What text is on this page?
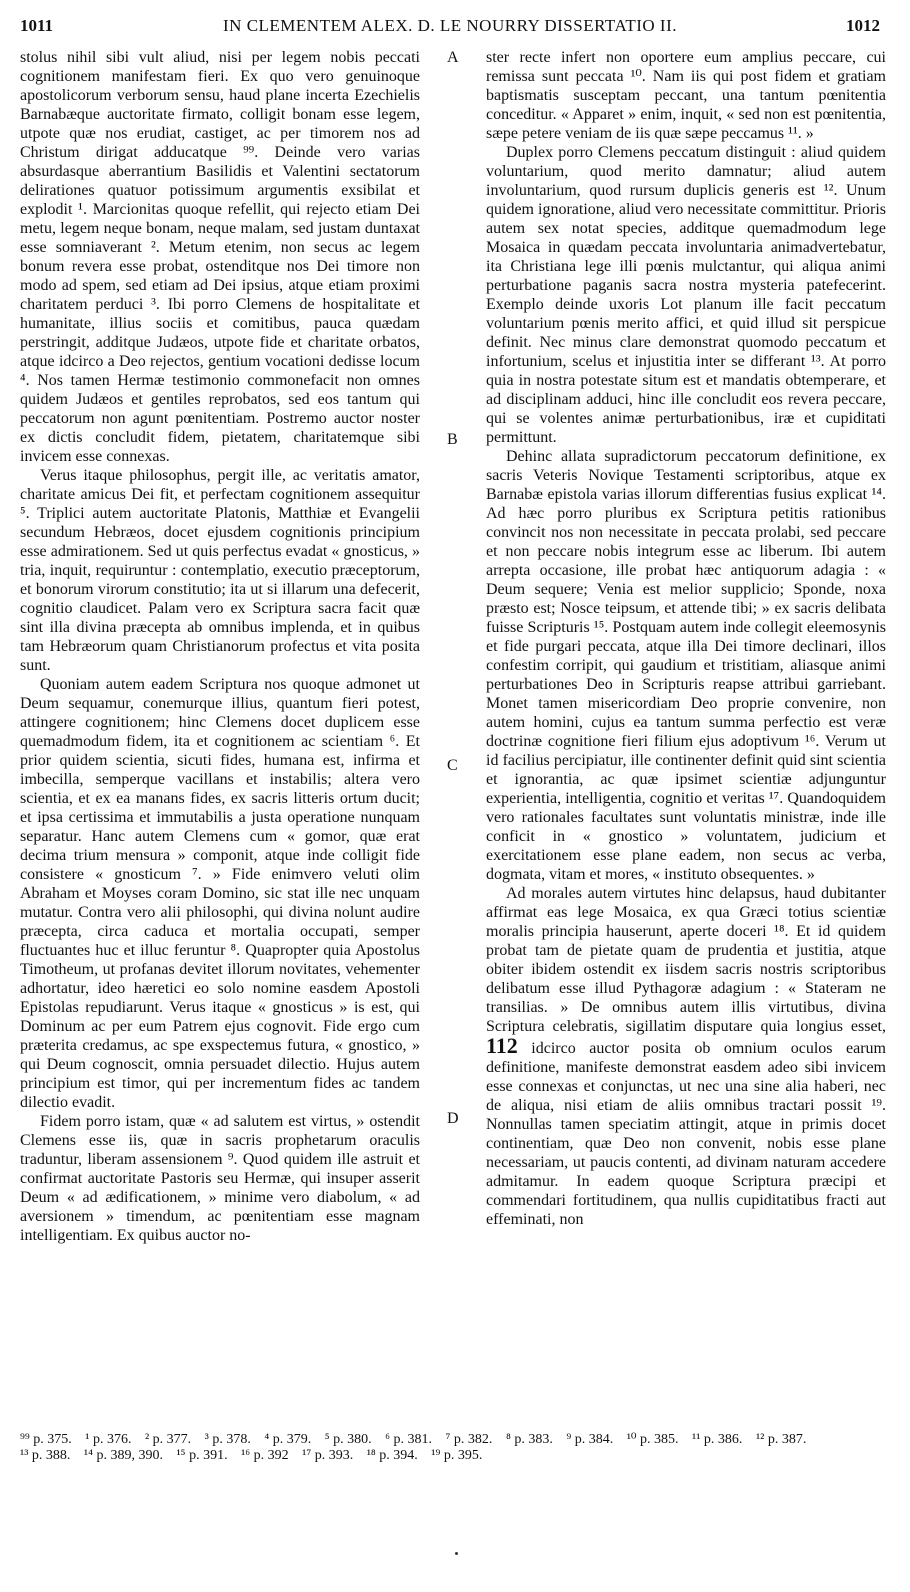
1011	IN CLEMENTEM ALEX. D. LE NOURRY DISSERTATIO II.	1012
A
B
C
D

stolus nihil sibi vult aliud, nisi per legem nobis peccati cognitionem manifestam fieri. Ex quo vero genuinoque apostolicorum verborum sensu, haud plane incerta Ezechielis Barnabæque auctoritate firmato, colligit bonam esse legem, utpote quæ nos erudiat, castiget, ac per timorem nos ad Christum dirigat adducatque ⁹⁹. Deinde vero varias absurdasque aberrantium Basilidis et Valentini sectatorum delirationes quatuor potissimum argumentis exsibilat et explodit ¹. Marcionitas quoque refellit, qui rejecto etiam Dei metu, legem neque bonam, neque malam, sed justam duntaxat esse somniaverant ². Metum etenim, non secus ac legem bonum revera esse probat, ostenditque nos Dei timore non modo ad spem, sed etiam ad Dei ipsius, atque etiam proximi charitatem perduci ³. Ibi porro Clemens de hospitalitate et humanitate, illius sociis et comitibus, pauca quædam perstringit, additque Judæos, utpote fide et charitate orbatos, atque idcirco a Deo rejectos, gentium vocationi dedisse locum ⁴. Nos tamen Hermæ testimonio commonefacit non omnes quidem Judæos et gentiles reprobatos, sed eos tantum qui peccatorum non agunt pœnitentiam. Postremo auctor noster ex dictis concludit fidem, pietatem, charitatemque sibi invicem esse connexas.

Verus itaque philosophus, pergit ille, ac veritatis amator, charitate amicus Dei fit, et perfectam cognitionem assequitur ⁵. Triplici autem auctoritate Platonis, Matthiæ et Evangelii secundum Hebræos, docet ejusdem cognitionis principium esse admirationem. Sed ut quis perfectus evadat « gnosticus, » tria, inquit, requiruntur : contemplatio, executio præceptorum, et bonorum virorum constitutio; ita ut si illarum una defecerit, cognitio claudicet. Palam vero ex Scriptura sacra facit quæ sint illa divina præcepta ab omnibus implenda, et in quibus tam Hebræorum quam Christianorum profectus et vita posita sunt.

Quoniam autem eadem Scriptura nos quoque admonet ut Deum sequamur, conemurque illius, quantum fieri potest, attingere cognitionem; hinc Clemens docet duplicem esse quemadmodum fidem, ita et cognitionem ac scientiam ⁶. Et prior quidem scientia, sicuti fides, humana est, infirma et imbecilla, semperque vacillans et instabilis; altera vero scientia, et ex ea manans fides, ex sacris litteris ortum ducit; et ipsa certissima et immutabilis a justa operatione nunquam separatur. Hanc autem Clemens cum « gomor, quæ erat decima trium mensura » componit, atque inde colligit fide consistere « gnosticum ⁷. » Fide enimvero veluti olim Abraham et Moyses coram Domino, sic stat ille nec unquam mutatur. Contra vero alii philosophi, qui divina nolunt audire præcepta, circa caduca et mortalia occupati, semper fluctuantes huc et illuc feruntur ⁸. Quapropter quia Apostolus Timotheum, ut profanas devitet illorum novitates, vehementer adhortatur, ideo hæretici eo solo nomine easdem Apostoli Epistolas repudiarunt. Verus itaque « gnosticus » is est, qui Dominum ac per eum Patrem ejus cognovit. Fide ergo cum præterita credamus, ac spe exspectemus futura, « gnostico, » qui Deum cognoscit, omnia persuadet dilectio. Hujus autem principium est timor, qui per incrementum fides ac tandem dilectio evadit.

Fidem porro istam, quæ « ad salutem est virtus, » ostendit Clemens esse iis, quæ in sacris prophetarum oraculis traduntur, liberam assensionem ⁹. Quod quidem ille astruit et confirmat auctoritate Pastoris seu Hermæ, qui insuper asserit Deum « ad ædificationem, » minime vero diabolum, « ad aversionem » timendum, ac pœnitentiam esse magnam intelligentiam. Ex quibus auctor no-

ster recte infert non oportere eum amplius peccare, cui remissa sunt peccata ¹⁰. Nam iis qui post fidem et gratiam baptismatis susceptam peccant, una tantum pœnitentia conceditur. « Apparet » enim, inquit, « sed non est pœnitentia, sæpe petere veniam de iis quæ sæpe peccamus ¹¹. »

Duplex porro Clemens peccatum distinguit : aliud quidem voluntarium, quod merito damnatur; aliud autem involuntarium, quod rursum duplicis generis est ¹². Unum quidem ignoratione, aliud vero necessitate committitur. Prioris autem sex notat species, additque quemadmodum lege Mosaica in quædam peccata involuntaria animadvertebatur, ita Christiana lege illi pœnis mulctantur, qui aliqua animi perturbatione paganis sacra nostra mysteria patefecerint. Exemplo deinde uxoris Lot planum ille facit peccatum voluntarium pœnis merito affici, et quid illud sit perspicue definit. Nec minus clare demonstrat quomodo peccatum et infortunium, scelus et injustitia inter se differant ¹³. At porro quia in nostra potestate situm est et mandatis obtemperare, et ad disciplinam adduci, hinc ille concludit eos revera peccare, qui se volentes animæ perturbationibus, iræ et cupiditati permittunt.

Dehinc allata supradictorum peccatorum definitione, ex sacris Veteris Novique Testamenti scriptoribus, atque ex Barnabæ epistola varias illorum differentias fusius explicat ¹⁴. Ad hæc porro pluribus ex Scriptura petitis rationibus convincit nos non necessitate in peccata prolabi, sed peccare et non peccare nobis integrum esse ac liberum. Ibi autem arrepta occasione, ille probat hæc antiquorum adagia : « Deum sequere; Venia est melior supplicio; Sponde, noxa præsto est; Nosce teipsum, et attende tibi; » ex sacris delibata fuisse Scripturis ¹⁵. Postquam autem inde collegit eleemosynis et fide purgari peccata, atque illa Dei timore declinari, illos confestim corripit, qui gaudium et tristitiam, aliasque animi perturbationes Deo in Scripturis reapse attribui garriebant. Monet tamen misericordiam Deo proprie convenire, non autem homini, cujus ea tantum summa perfectio est veræ doctrinæ cognitione fieri filium ejus adoptivum ¹⁶. Verum ut id facilius percipiatur, ille continenter definit quid sint scientia et ignorantia, ac quæ ipsimet scientiæ adjunguntur experientia, intelligentia, cognitio et veritas ¹⁷. Quandoquidem vero rationales facultates sunt voluntatis ministræ, inde ille conficit in « gnostico » voluntatem, judicium et exercitationem esse plane eadem, non secus ac verba, dogmata, vitam et mores, « instituto obsequentes. »

Ad morales autem virtutes hinc delapsus, haud dubitanter affirmat eas lege Mosaica, ex qua Græci totius scientiæ moralis principia hauserunt, aperte doceri ¹⁸. Et id quidem probat tam de pietate quam de prudentia et justitia, atque obiter ibidem ostendit ex iisdem sacris nostris scriptoribus delibatum esse illud Pythagoræ adagium : « Stateram ne transilias. » De omnibus autem illis virtutibus, divina Scriptura celebratis, sigillatim disputare quia longius esset, 112 idcirco auctor posita ob omnium oculos earum definitione, manifeste demonstrat easdem adeo sibi invicem esse connexas et conjunctas, ut nec una sine alia haberi, nec de aliqua, nisi etiam de aliis omnibus tractari possit ¹⁹. Nonnullas tamen speciatim attingit, atque in primis docet continentiam, quæ Deo non convenit, nobis esse plane necessariam, ut paucis contenti, ad divinam naturam accedere admitamur. In eadem quoque Scriptura præcipi et commendari fortitudinem, qua nullis cupiditatibus fracti aut effeminati, non

⁹⁹ p. 375. ¹ p. 376. ² p. 377. ³ p. 378. ⁴ p. 379. ⁵ p. 380. ⁶ p. 381. ⁷ p. 382. ⁸ p. 383. ⁹ p. 384. ¹⁰ p. 385. ¹¹ p. 386. ¹² p. 387. ¹³ p. 388. ¹⁴ p. 389, 390. ¹⁵ p. 391. ¹⁶ p. 392 ¹⁷ p. 393. ¹⁸ p. 394. ¹⁹ p. 395.
